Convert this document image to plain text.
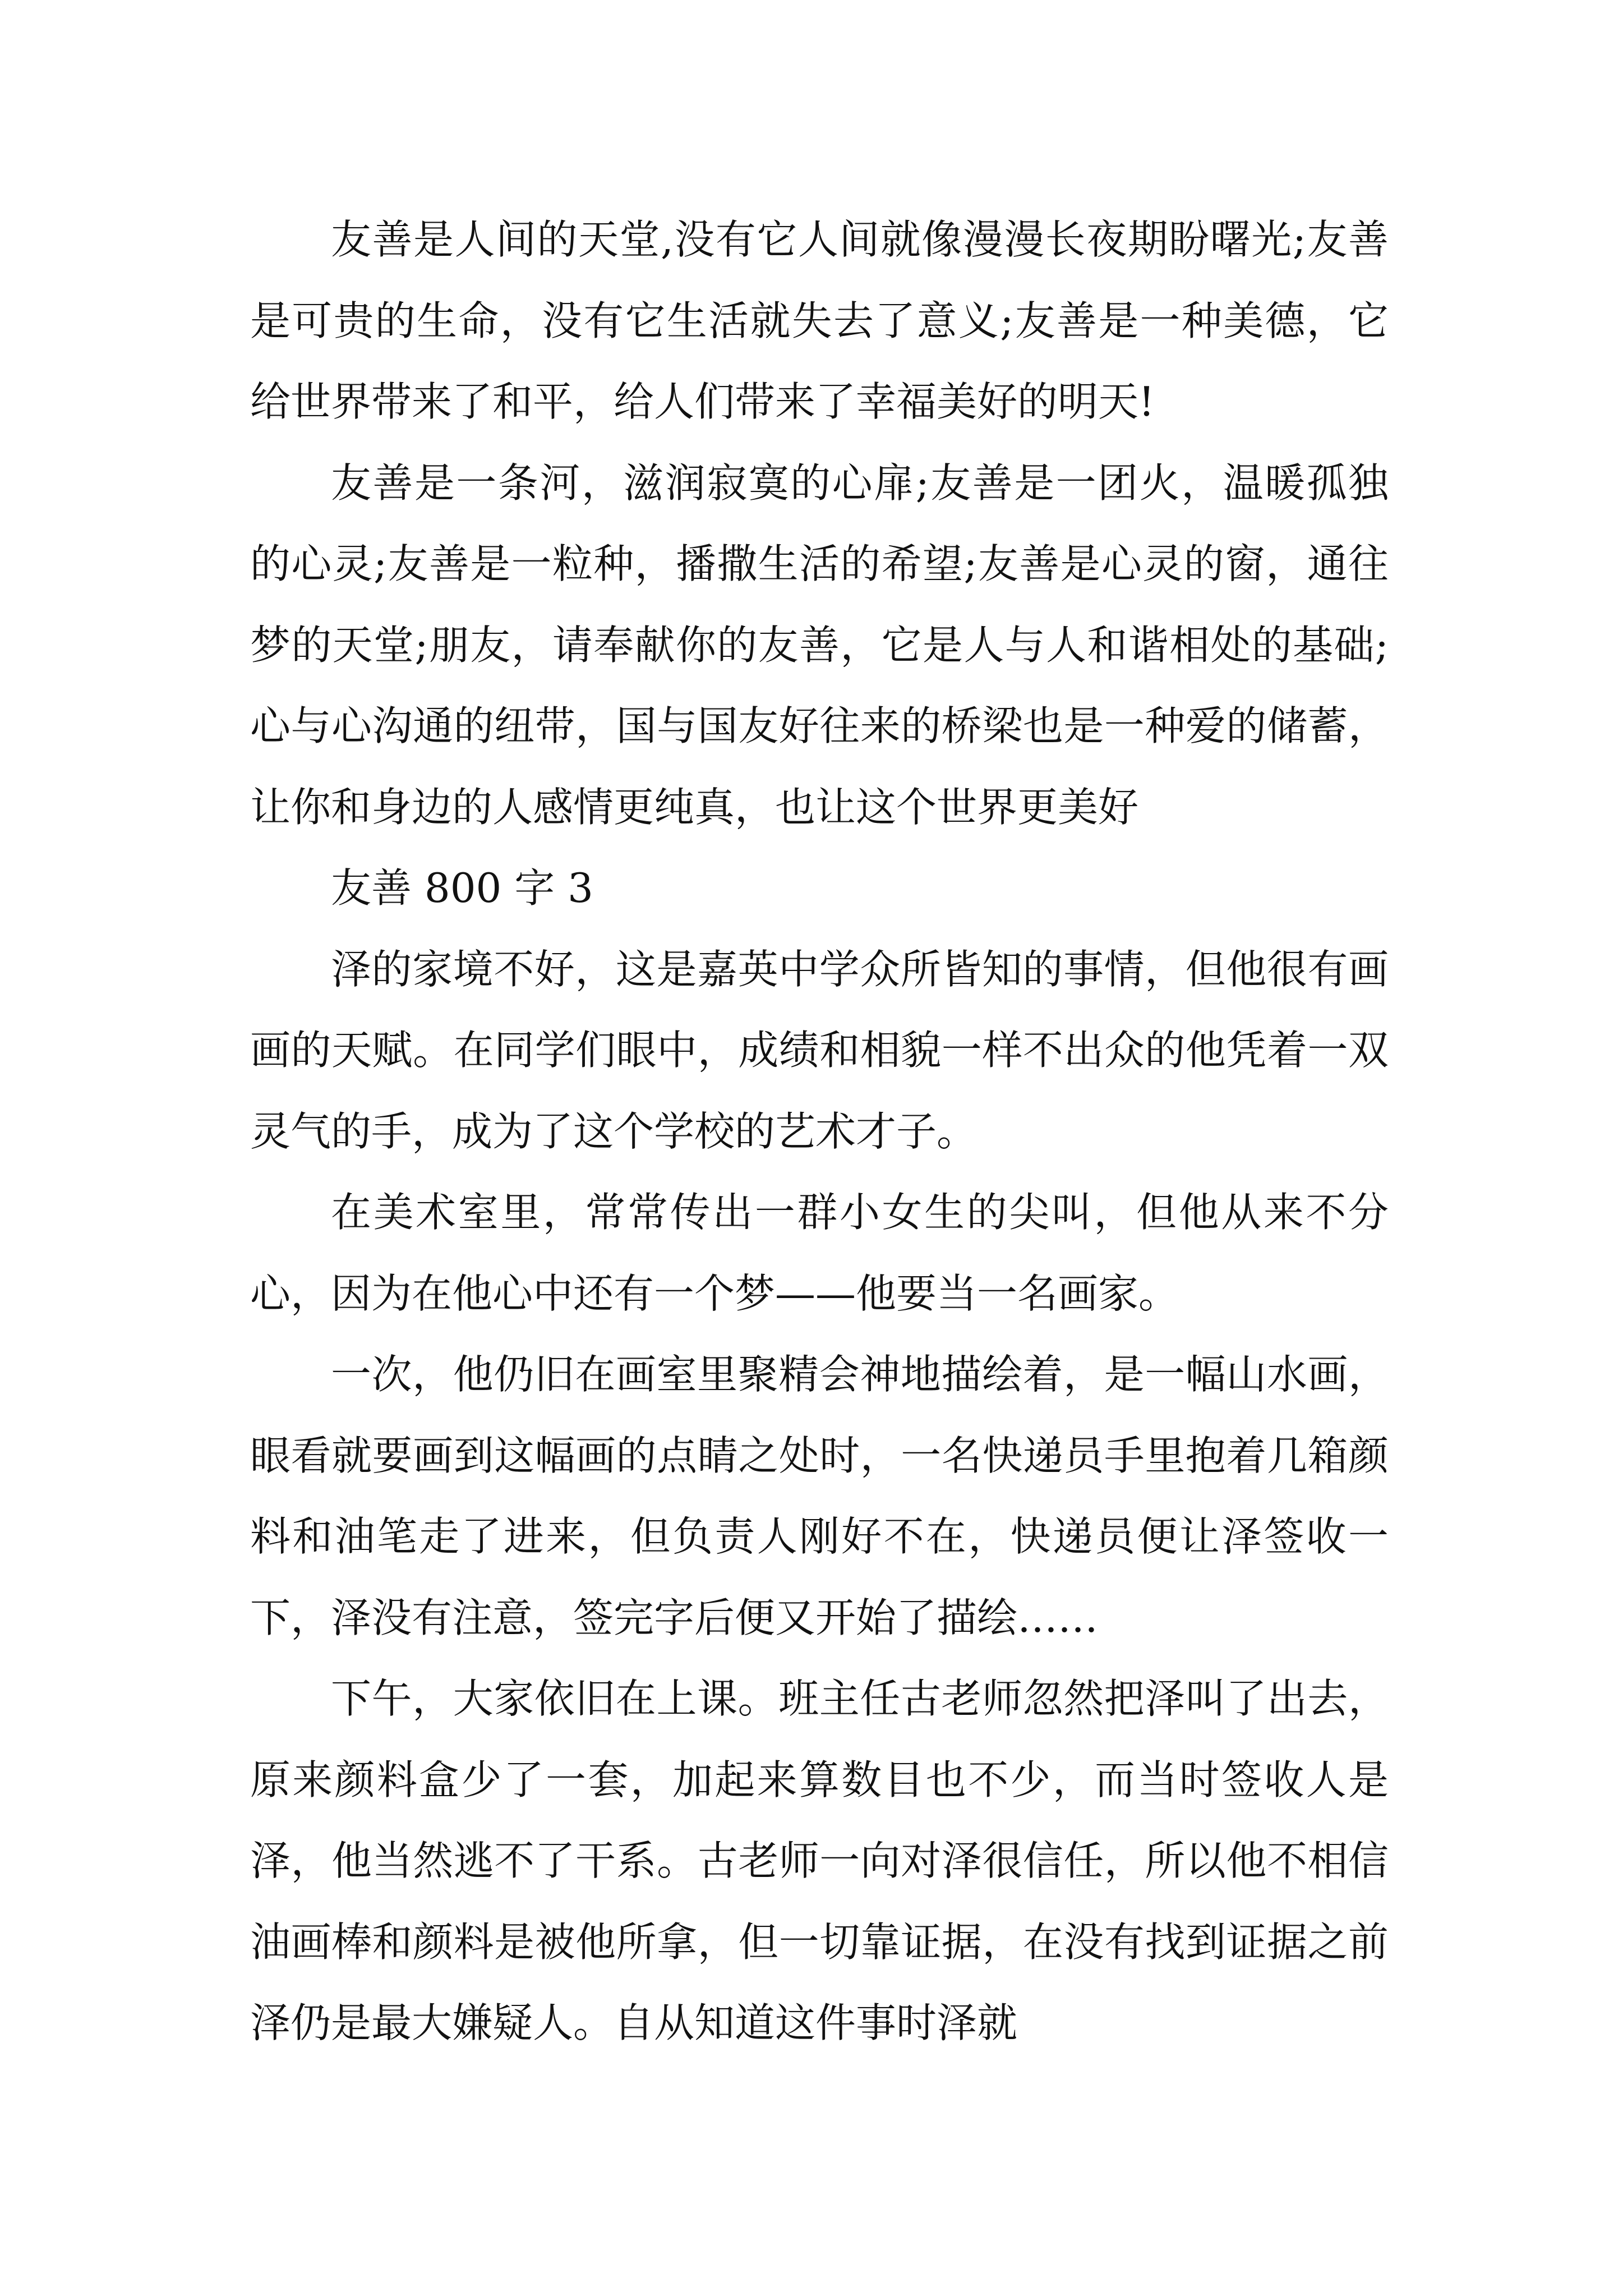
友善是人间的天堂,没有它人间就像漫漫长夜期盼曙光;友善是可贵的生命，没有它生活就失去了意义;友善是一种美德，它给世界带来了和平，给人们带来了幸福美好的明天!

友善是一条河，滋润寂寞的心扉;友善是一团火，温暖孤独的心灵;友善是一粒种，播撒生活的希望;友善是心灵的窗，通往梦的天堂;朋友，请奉献你的友善，它是人与人和谐相处的基础;心与心沟通的纽带，国与国友好往来的桥梁也是一种爱的储蓄，让你和身边的人感情更纯真，也让这个世界更美好

友善 800 字 3

泽的家境不好，这是嘉英中学众所皆知的事情，但他很有画画的天赋。在同学们眼中，成绩和相貌一样不出众的他凭着一双灵气的手，成为了这个学校的艺术才子。

在美术室里，常常传出一群小女生的尖叫，但他从来不分心，因为在他心中还有一个梦——他要当一名画家。

一次，他仍旧在画室里聚精会神地描绘着，是一幅山水画，眼看就要画到这幅画的点睛之处时，一名快递员手里抱着几箱颜料和油笔走了进来，但负责人刚好不在，快递员便让泽签收一下，泽没有注意，签完字后便又开始了描绘……

下午，大家依旧在上课。班主任古老师忽然把泽叫了出去，原来颜料盒少了一套，加起来算数目也不少，而当时签收人是泽，他当然逃不了干系。古老师一向对泽很信任，所以他不相信油画棒和颜料是被他所拿，但一切靠证据，在没有找到证据之前泽仍是最大嫌疑人。自从知道这件事时泽就
